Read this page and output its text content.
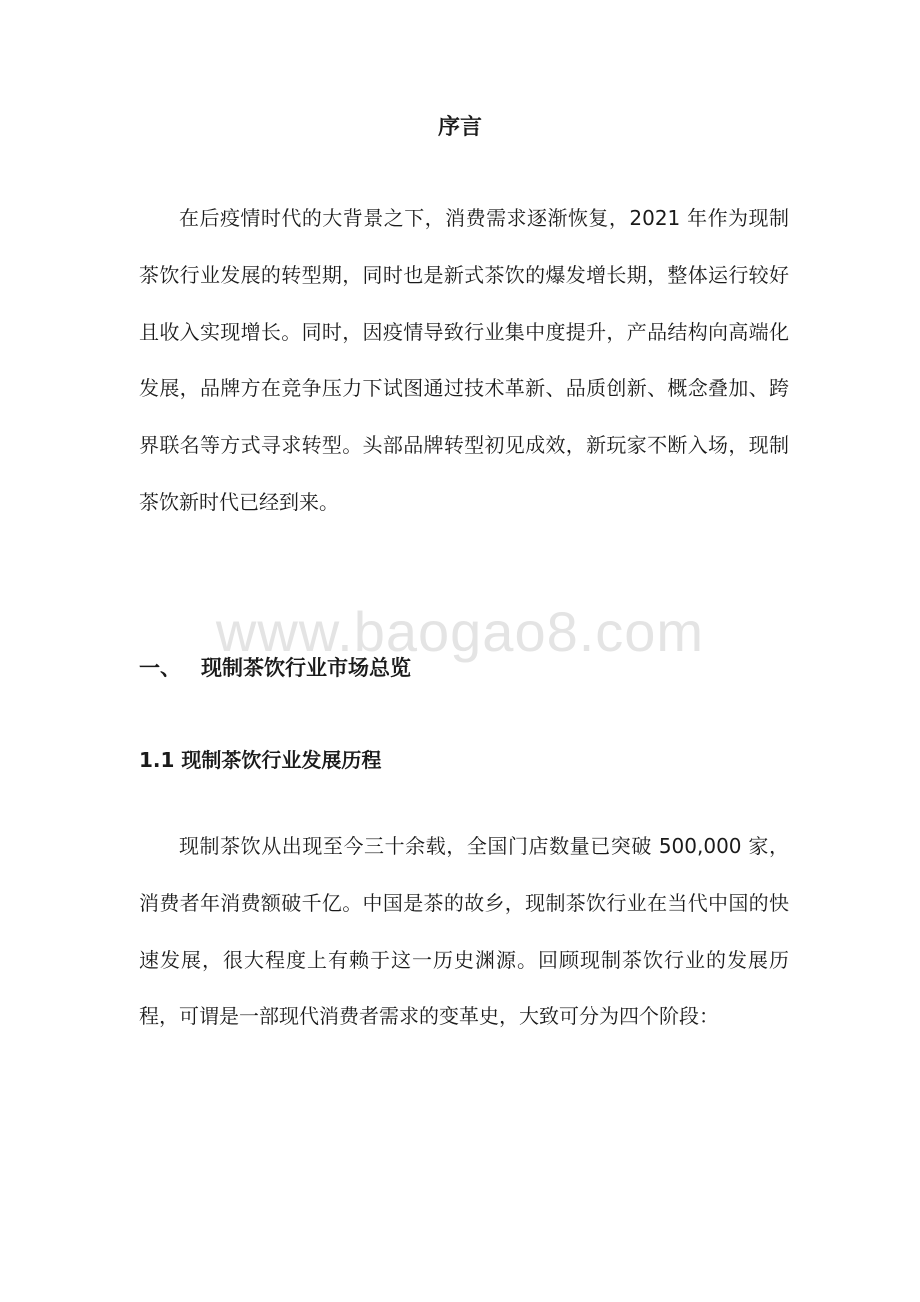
www.baogao8.com
序言

在后疫情时代的大背景之下，消费需求逐渐恢复，2021 年作为现制茶饮行业发展的转型期，同时也是新式茶饮的爆发增长期，整体运行较好且收入实现增长。同时，因疫情导致行业集中度提升，产品结构向高端化发展，品牌方在竞争压力下试图通过技术革新、品质创新、概念叠加、跨界联名等方式寻求转型。头部品牌转型初见成效，新玩家不断入场，现制茶饮新时代已经到来。

一、 现制茶饮行业市场总览
1.1 现制茶饮行业发展历程

现制茶饮从出现至今三十余载，全国门店数量已突破 500,000 家，消费者年消费额破千亿。中国是茶的故乡，现制茶饮行业在当代中国的快速发展，很大程度上有赖于这一历史渊源。回顾现制茶饮行业的发展历程，可谓是一部现代消费者需求的变革史，大致可分为四个阶段：
